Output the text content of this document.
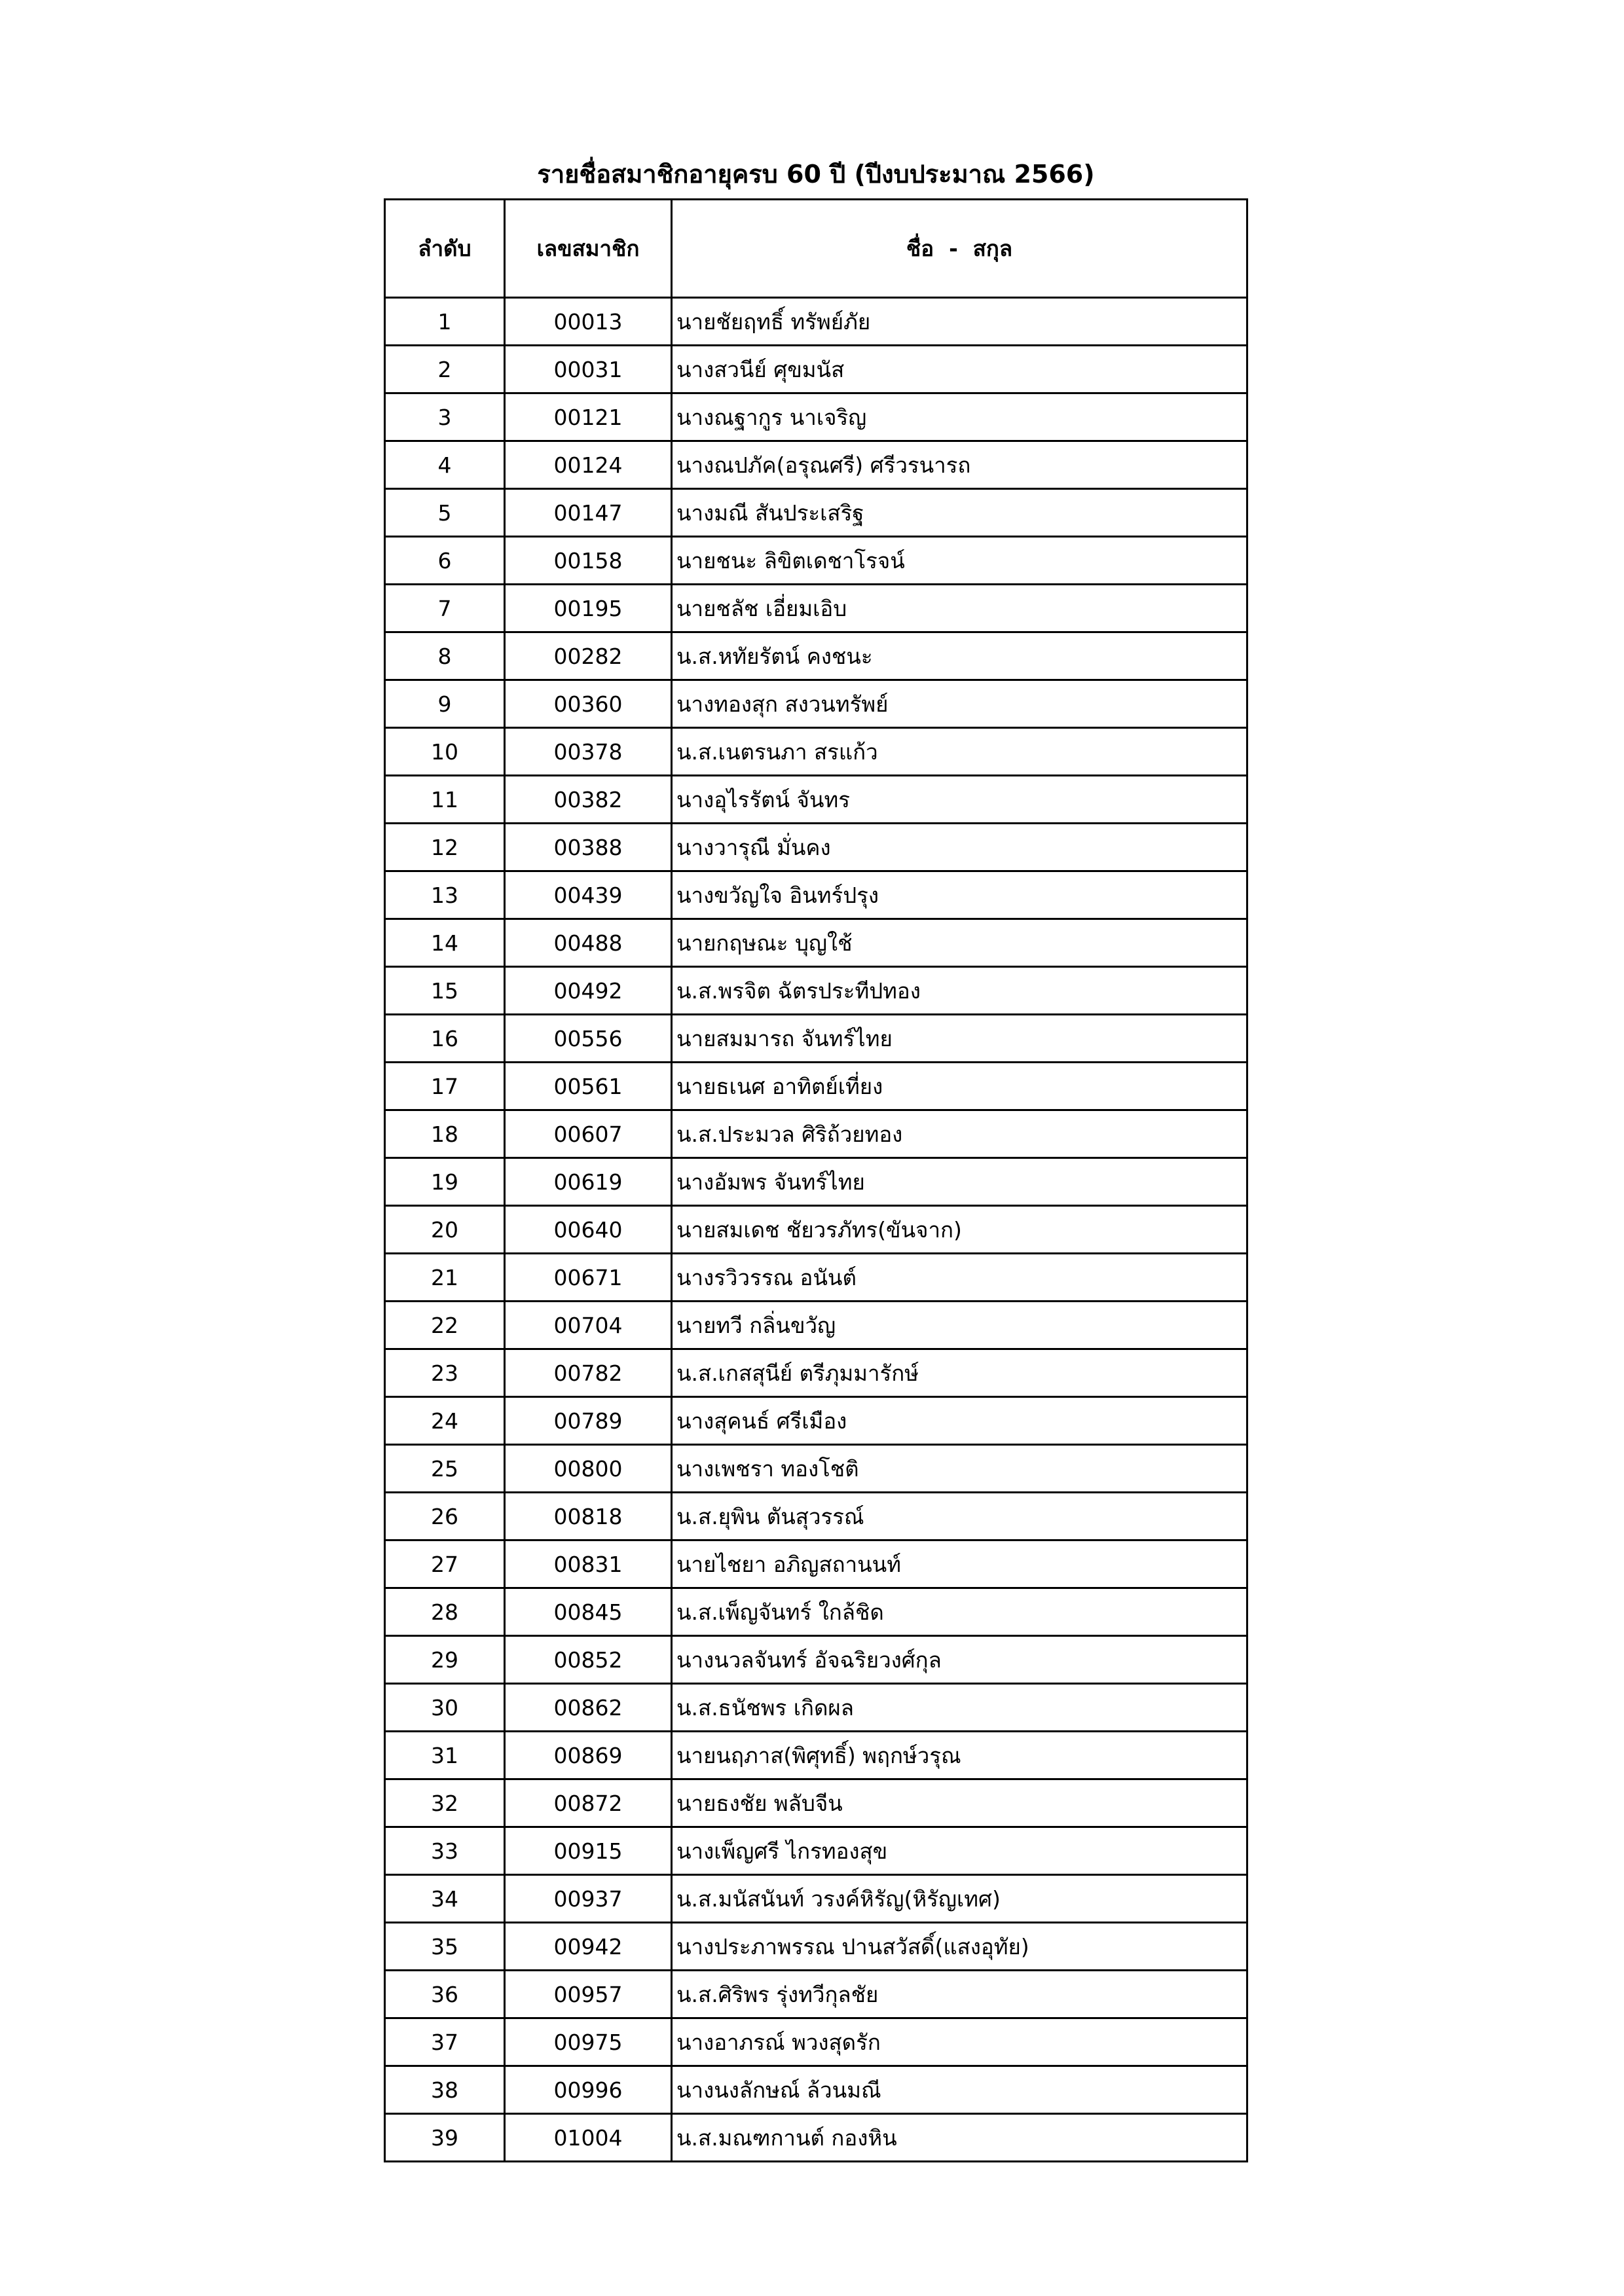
รายชื่อสมาชิกอายุครบ 60 ปี (ปีงบประมาณ 2566)
ลำดับ	เลขสมาชิก	ชื่อ  -  สกุล
1	00013	นายชัยฤทธิ์ ทรัพย์ภัย
2	00031	นางสวนีย์ ศุขมนัส
3	00121	นางณฐากูร นาเจริญ
4	00124	นางณปภัค(อรุณศรี) ศรีวรนารถ
5	00147	นางมณี สันประเสริฐ
6	00158	นายชนะ ลิขิตเดชาโรจน์
7	00195	นายชลัช เอี่ยมเอิบ
8	00282	น.ส.หทัยรัตน์ คงชนะ
9	00360	นางทองสุก สงวนทรัพย์
10	00378	น.ส.เนตรนภา สรแก้ว
11	00382	นางอุไรรัตน์ จันทร
12	00388	นางวารุณี มั่นคง
13	00439	นางขวัญใจ อินทร์ปรุง
14	00488	นายกฤษณะ บุญใช้
15	00492	น.ส.พรจิต ฉัตรประทีปทอง
16	00556	นายสมมารถ จันทร์ไทย
17	00561	นายธเนศ อาทิตย์เที่ยง
18	00607	น.ส.ประมวล ศิริถ้วยทอง
19	00619	นางอัมพร จันทร์ไทย
20	00640	นายสมเดช ชัยวรภัทร(ขันจาก)
21	00671	นางรวิวรรณ อนันต์
22	00704	นายทวี กลิ่นขวัญ
23	00782	น.ส.เกสสุนีย์ ตรีภุมมารักษ์
24	00789	นางสุคนธ์ ศรีเมือง
25	00800	นางเพชรา ทองโชติ
26	00818	น.ส.ยุพิน ตันสุวรรณ์
27	00831	นายไชยา อภิญสถานนท์
28	00845	น.ส.เพ็ญจันทร์ ใกล้ชิด
29	00852	นางนวลจันทร์ อัจฉริยวงศ์กุล
30	00862	น.ส.ธนัชพร เกิดผล
31	00869	นายนฤภาส(พิศุทธิ์) พฤกษ์วรุณ
32	00872	นายธงชัย พลับจีน
33	00915	นางเพ็ญศรี ไกรทองสุข
34	00937	น.ส.มนัสนันท์ วรงค์หิรัญ(หิรัญเทศ)
35	00942	นางประภาพรรณ ปานสวัสดิ์(แสงอุทัย)
36	00957	น.ส.ศิริพร รุ่งทวีกุลชัย
37	00975	นางอาภรณ์ พวงสุดรัก
38	00996	นางนงลักษณ์ ล้วนมณี
39	01004	น.ส.มณฑกานต์ กองหิน
